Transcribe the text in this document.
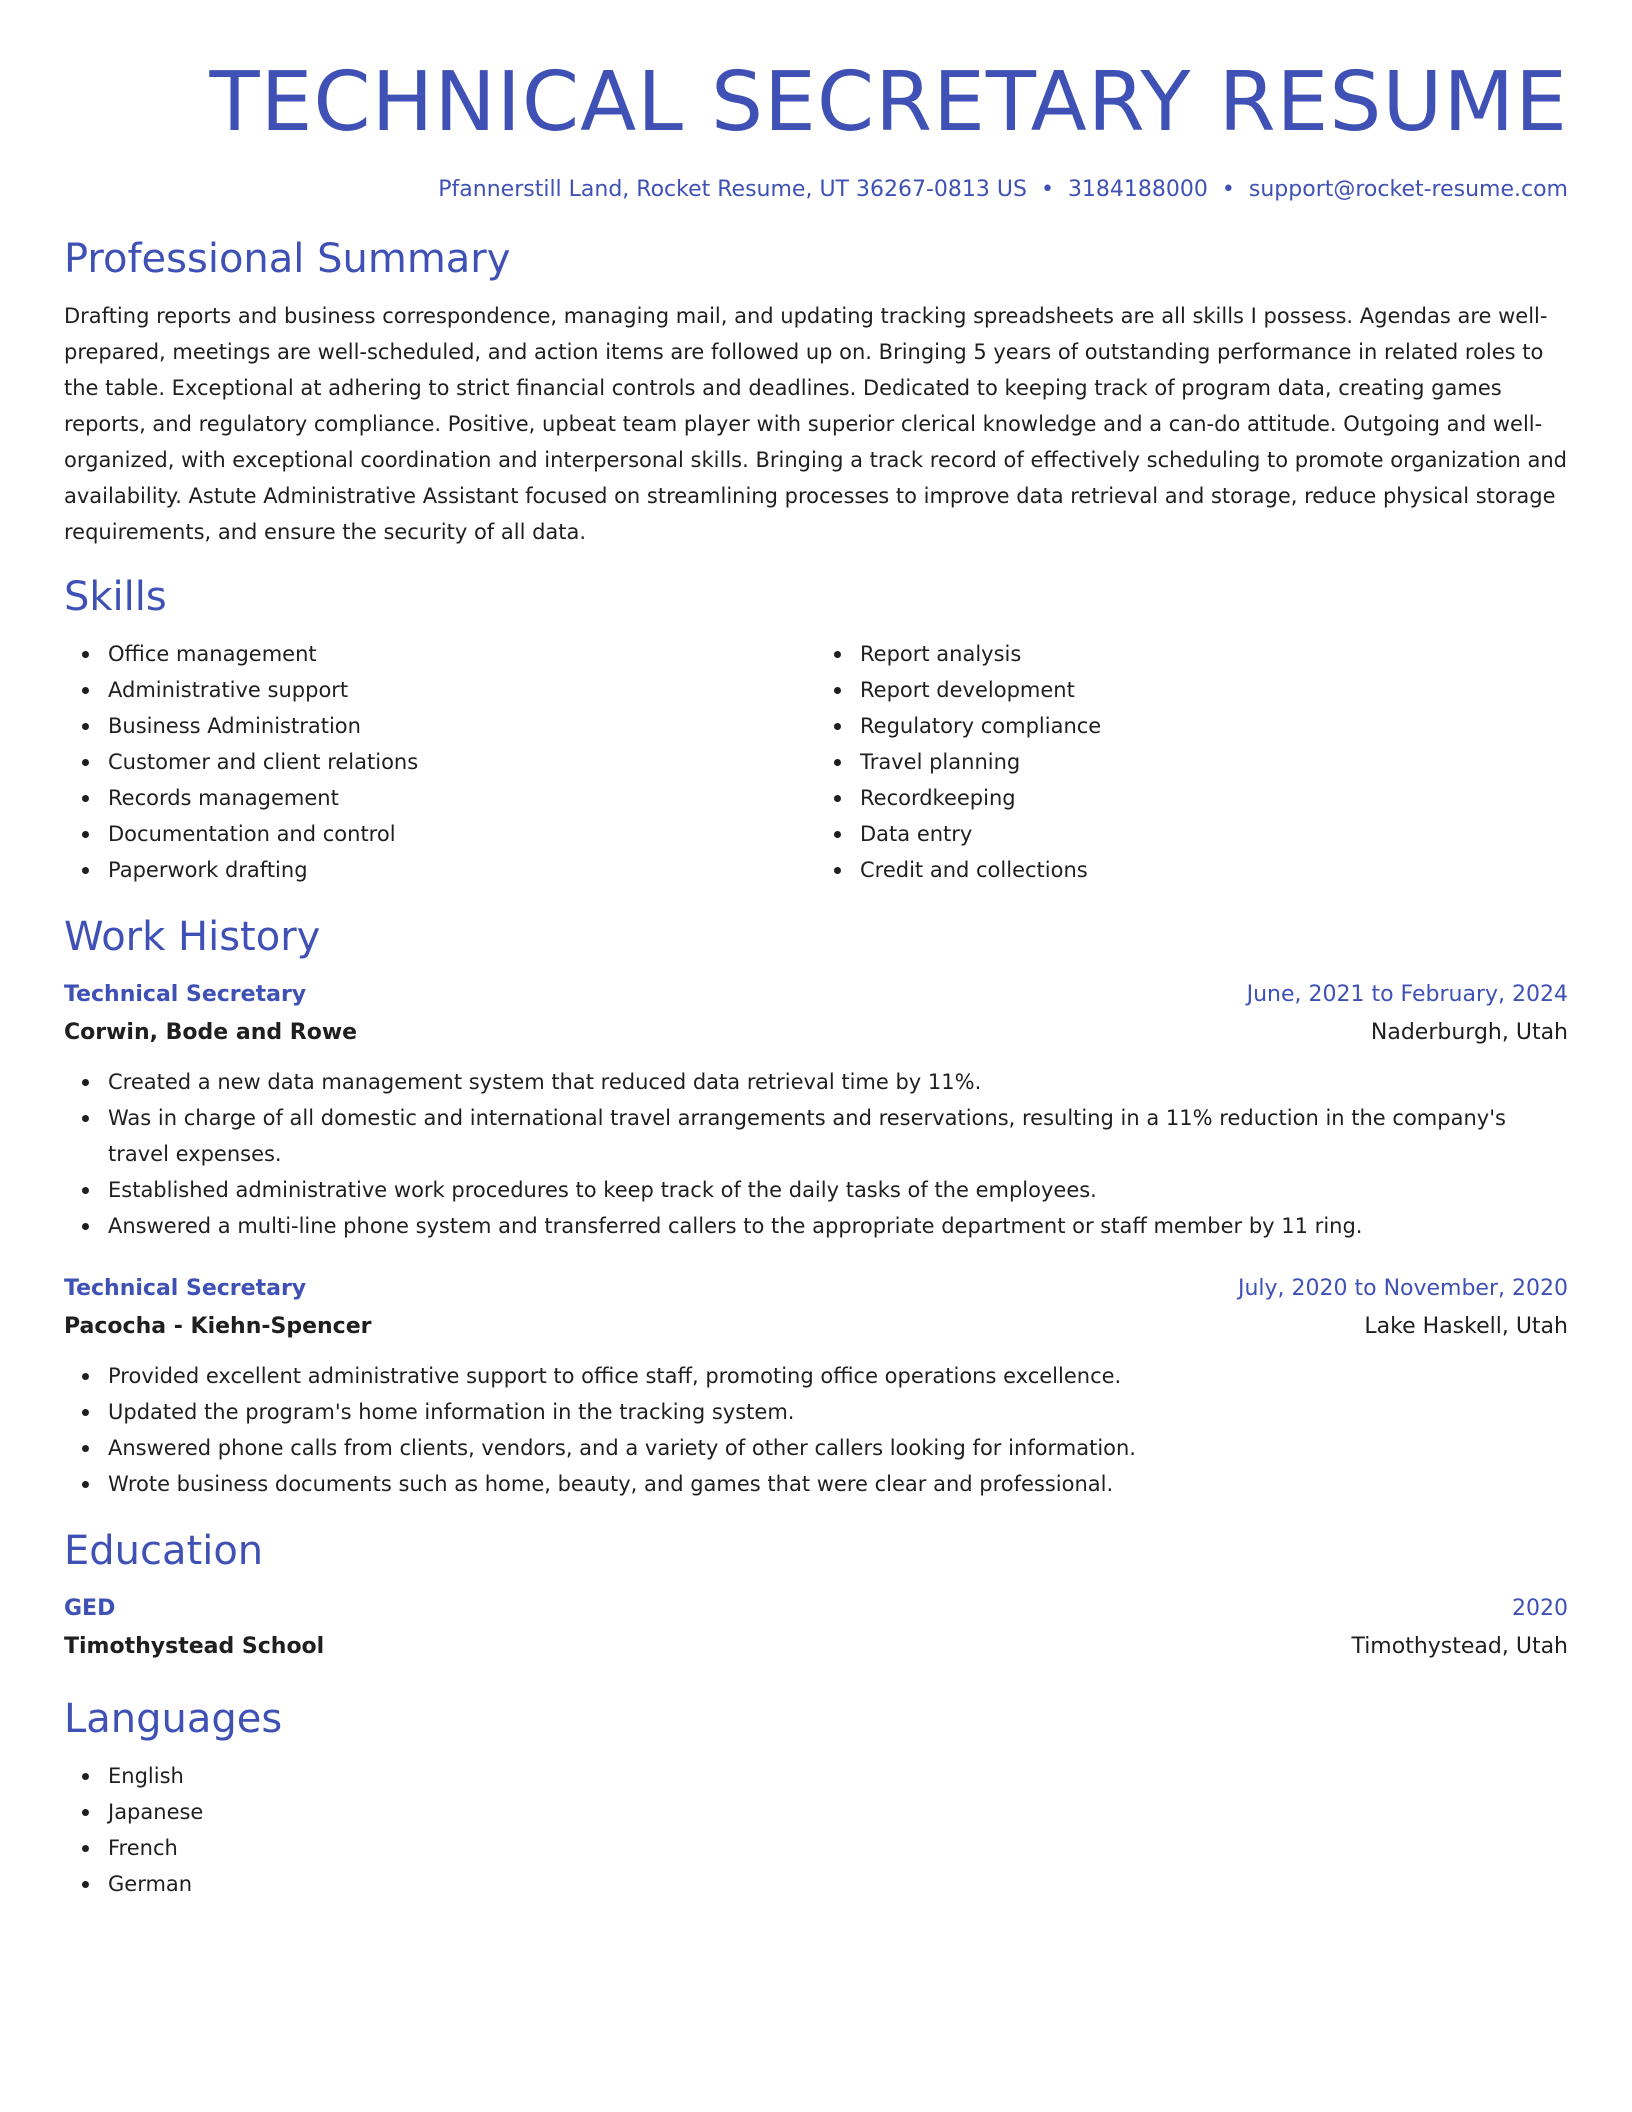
TECHNICAL SECRETARY RESUME
Pfannerstill Land, Rocket Resume, UT 36267-0813 US • 3184188000 • support@rocket-resume.com
Professional Summary

Drafting reports and business correspondence, managing mail, and updating tracking spreadsheets are all skills I possess. Agendas are well-prepared, meetings are well-scheduled, and action items are followed up on. Bringing 5 years of outstanding performance in related roles to the table. Exceptional at adhering to strict financial controls and deadlines. Dedicated to keeping track of program data, creating games reports, and regulatory compliance. Positive, upbeat team player with superior clerical knowledge and a can-do attitude. Outgoing and well-organized, with exceptional coordination and interpersonal skills. Bringing a track record of effectively scheduling to promote organization and availability. Astute Administrative Assistant focused on streamlining processes to improve data retrieval and storage, reduce physical storage requirements, and ensure the security of all data.

Skills
Office management
Administrative support
Business Administration
Customer and client relations
Records management
Documentation and control
Paperwork drafting
Report analysis
Report development
Regulatory compliance
Travel planning
Recordkeeping
Data entry
Credit and collections
Work History
Technical Secretary	June, 2021 to February, 2024
Corwin, Bode and Rowe	Naderburgh, Utah
Created a new data management system that reduced data retrieval time by 11%.
Was in charge of all domestic and international travel arrangements and reservations, resulting in a 11% reduction in the company's travel expenses.
Established administrative work procedures to keep track of the daily tasks of the employees.
Answered a multi-line phone system and transferred callers to the appropriate department or staff member by 11 ring.
Technical Secretary	July, 2020 to November, 2020
Pacocha - Kiehn-Spencer	Lake Haskell, Utah
Provided excellent administrative support to office staff, promoting office operations excellence.
Updated the program's home information in the tracking system.
Answered phone calls from clients, vendors, and a variety of other callers looking for information.
Wrote business documents such as home, beauty, and games that were clear and professional.
Education
GED	2020
Timothystead School	Timothystead, Utah
Languages
English
Japanese
French
German
